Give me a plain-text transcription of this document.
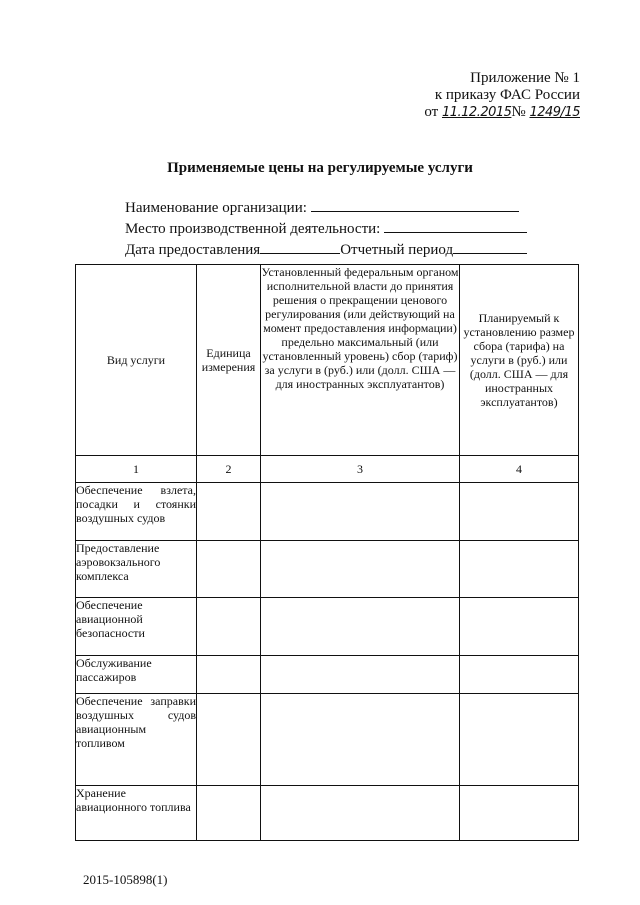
Приложение № 1
к приказу ФАС России
от 11.12.2015№ 1249/15
Применяемые цены на регулируемые услуги
Наименование организации:
Место производственной деятельности:
Дата предоставления	Отчетный период
Вид услуги	Единица измерения	Установленный федеральным органом исполнительной власти до принятия решения о прекращении ценового регулирования (или действующий на момент предоставления информации) предельно максимальный (или установленный уровень) сбор (тариф) за услуги в (руб.) или (долл. США — для иностранных эксплуатантов)	Планируемый к установлению размер сбора (тарифа) на услуги в (руб.) или (долл. США — для иностранных эксплуатантов)
1	2	3	4
Обеспечение взлета, посадки и стоянки воздушных судов			
Предоставление аэровокзального комплекса			
Обеспечение авиационной безопасности			
Обслуживание пассажиров			
Обеспечение заправки воздушных судов авиационным топливом			
Хранение авиационного топлива			
2015-105898(1)
